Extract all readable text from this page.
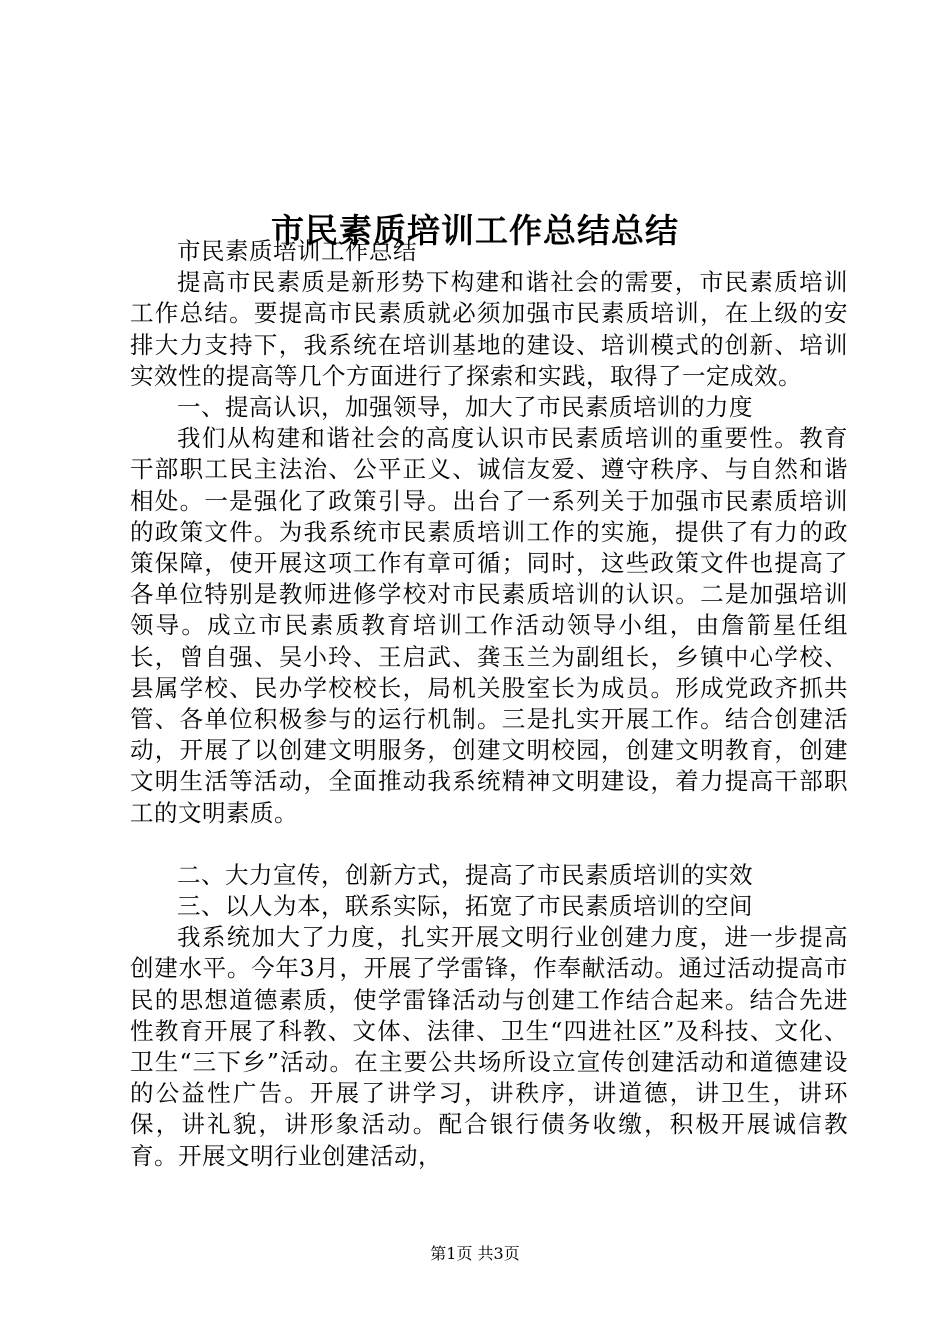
市民素质培训工作总结总结

市民素质培训工作总结

提高市民素质是新形势下构建和谐社会的需要，市民素质培训工作总结。要提高市民素质就必须加强市民素质培训，在上级的安排大力支持下，我系统在培训基地的建设、培训模式的创新、培训实效性的提高等几个方面进行了探索和实践，取得了一定成效。

一、提高认识，加强领导，加大了市民素质培训的力度

我们从构建和谐社会的高度认识市民素质培训的重要性。教育干部职工民主法治、公平正义、诚信友爱、遵守秩序、与自然和谐相处。一是强化了政策引导。出台了一系列关于加强市民素质培训的政策文件。为我系统市民素质培训工作的实施，提供了有力的政策保障，使开展这项工作有章可循；同时，这些政策文件也提高了各单位特别是教师进修学校对市民素质培训的认识。二是加强培训领导。成立市民素质教育培训工作活动领导小组，由詹箭星任组长，曾自强、吴小玲、王启武、龚玉兰为副组长，乡镇中心学校、县属学校、民办学校校长，局机关股室长为成员。形成党政齐抓共管、各单位积极参与的运行机制。三是扎实开展工作。结合创建活动，开展了以创建文明服务，创建文明校园，创建文明教育，创建文明生活等活动，全面推动我系统精神文明建设，着力提高干部职工的文明素质。

二、大力宣传，创新方式，提高了市民素质培训的实效

三、以人为本，联系实际，拓宽了市民素质培训的空间

我系统加大了力度，扎实开展文明行业创建力度，进一步提高创建水平。今年3月，开展了学雷锋，作奉献活动。通过活动提高市民的思想道德素质，使学雷锋活动与创建工作结合起来。结合先进性教育开展了科教、文体、法律、卫生“四进社区”及科技、文化、卫生“三下乡”活动。在主要公共场所设立宣传创建活动和道德建设的公益性广告。开展了讲学习，讲秩序，讲道德，讲卫生，讲环保，讲礼貌，讲形象活动。配合银行债务收缴，积极开展诚信教育。开展文明行业创建活动，

第1页 共3页
